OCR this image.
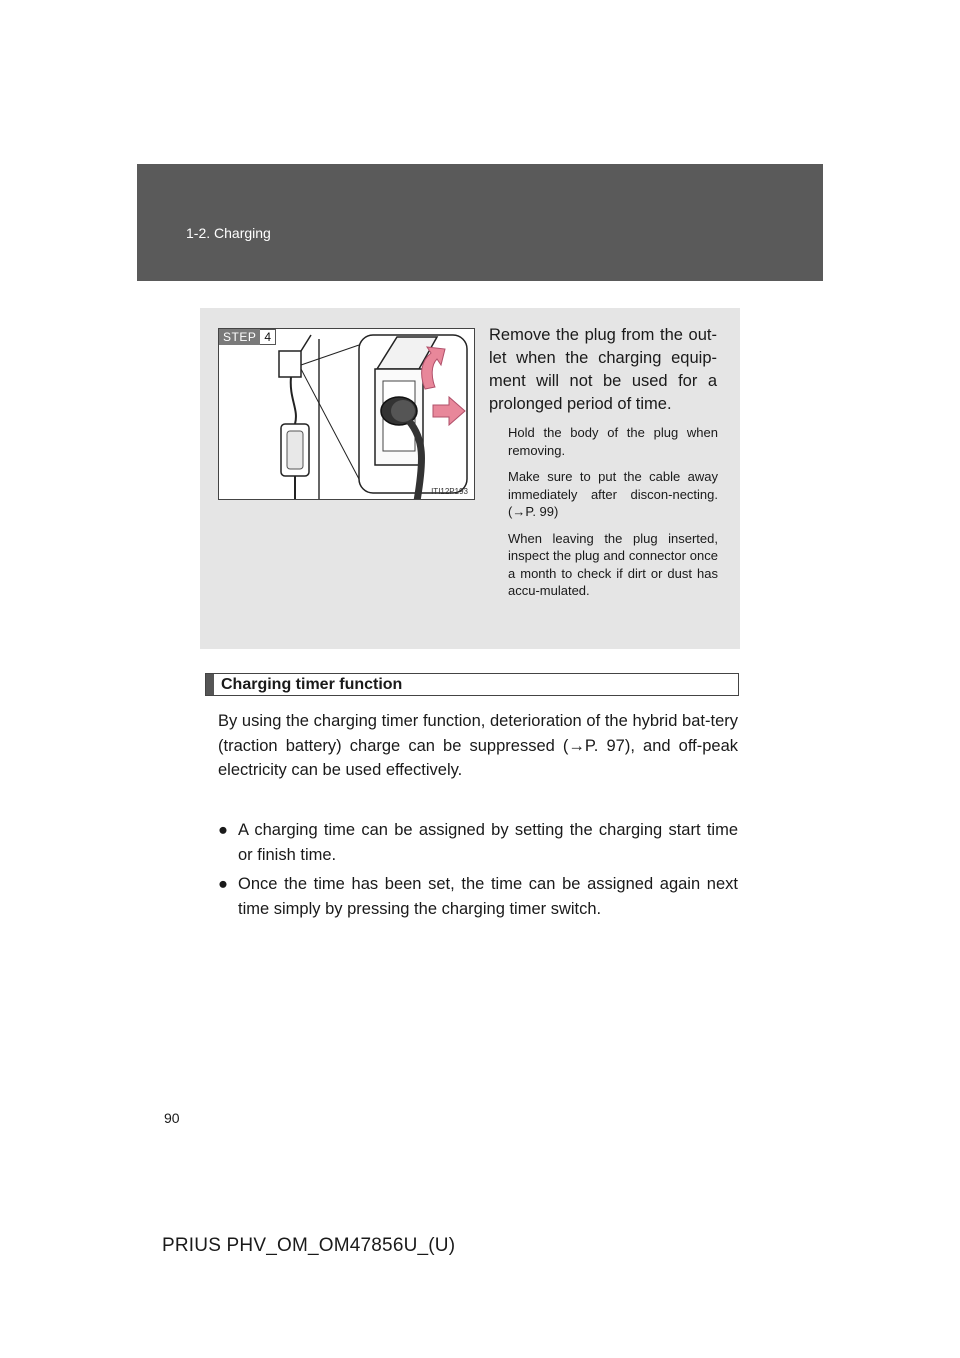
1-2. Charging
STEP 4
ITI12P193
Remove the plug from the out-let when the charging equip-ment will not be used for a prolonged period of time.

Hold the body of the plug when removing.

Make sure to put the cable away immediately after discon-necting. (→P. 99)

When leaving the plug inserted, inspect the plug and connector once a month to check if dirt or dust has accu-mulated.

Charging timer function
By using the charging timer function, deterioration of the hybrid bat-tery (traction battery) charge can be suppressed (→P. 97), and off-peak electricity can be used effectively.
● A charging time can be assigned by setting the charging start time or finish time.
● Once the time has been set, the time can be assigned again next time simply by pressing the charging timer switch.
90
PRIUS PHV_OM_OM47856U_(U)
